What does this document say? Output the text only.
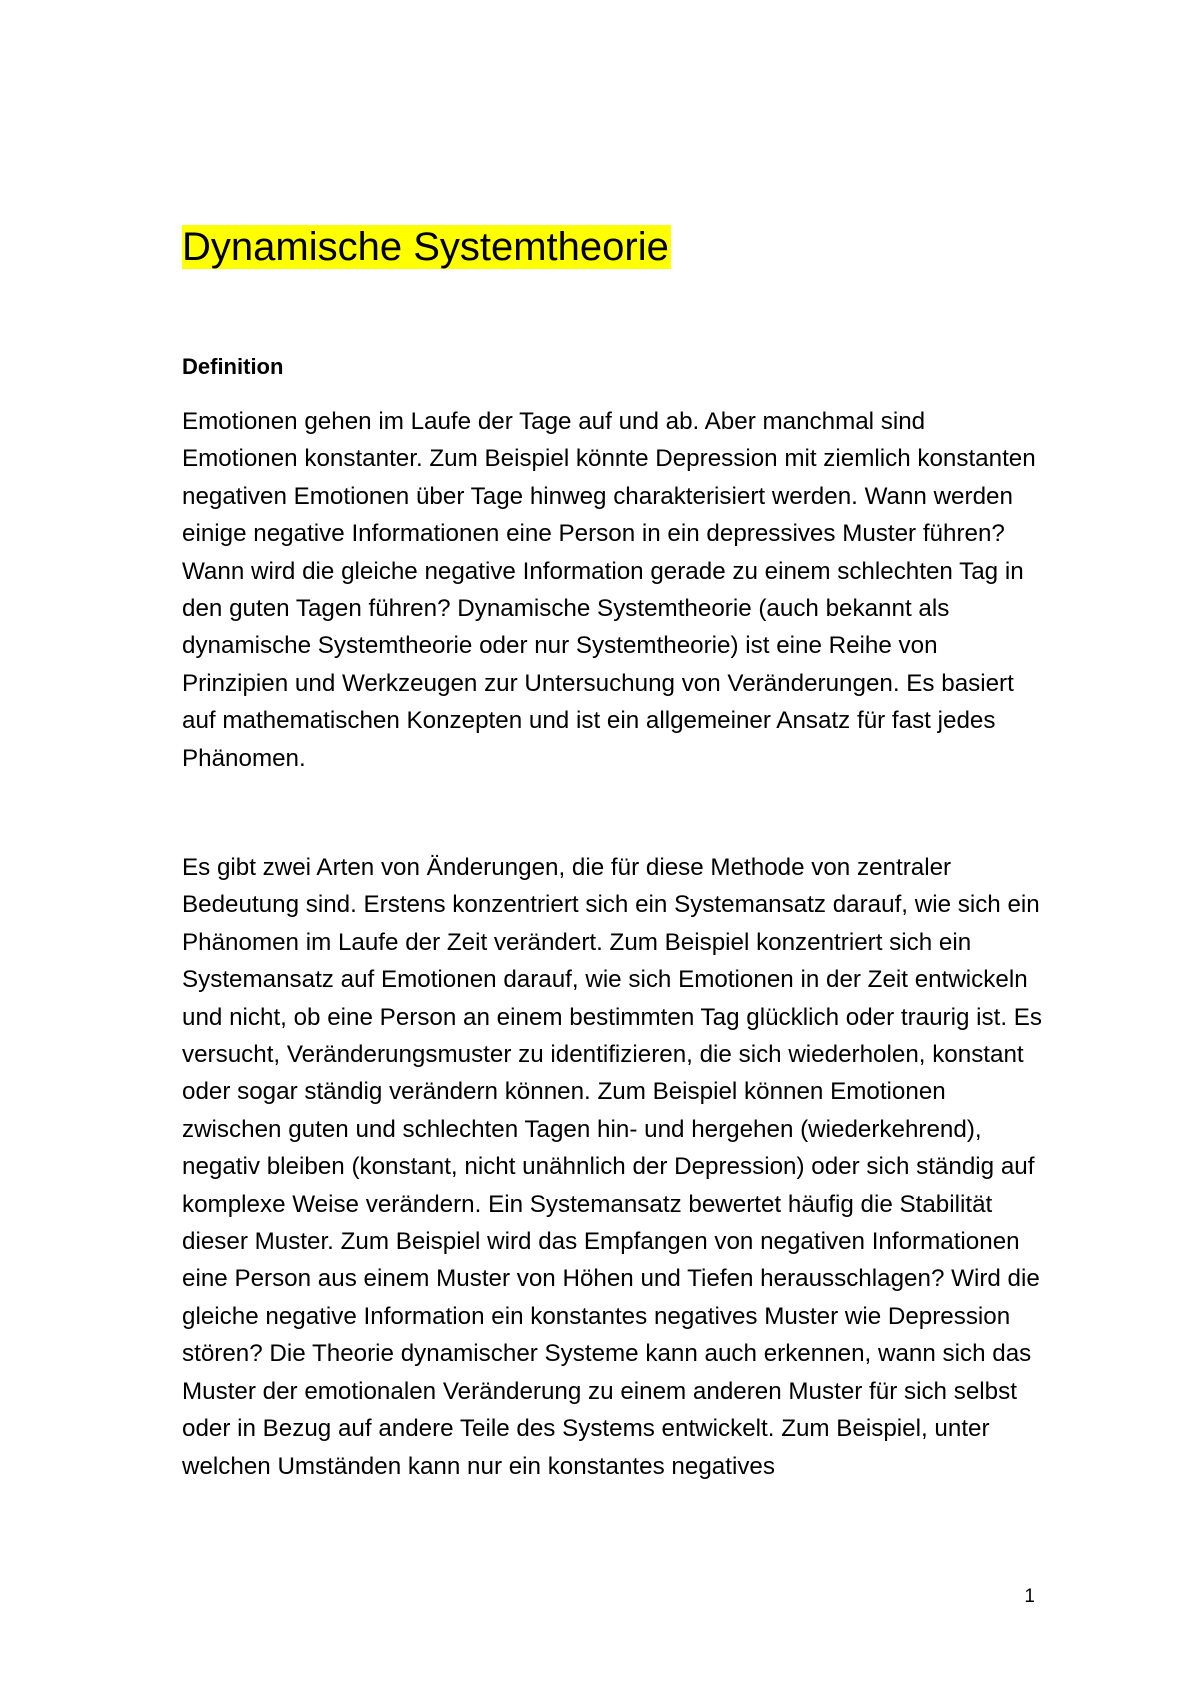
Dynamische Systemtheorie
Definition

Emotionen gehen im Laufe der Tage auf und ab. Aber manchmal sind Emotionen konstanter. Zum Beispiel könnte Depression mit ziemlich konstanten negativen Emotionen über Tage hinweg charakterisiert werden. Wann werden einige negative Informationen eine Person in ein depressives Muster führen? Wann wird die gleiche negative Information gerade zu einem schlechten Tag in den guten Tagen führen? Dynamische Systemtheorie (auch bekannt als dynamische Systemtheorie oder nur Systemtheorie) ist eine Reihe von Prinzipien und Werkzeugen zur Untersuchung von Veränderungen. Es basiert auf mathematischen Konzepten und ist ein allgemeiner Ansatz für fast jedes Phänomen.

Es gibt zwei Arten von Änderungen, die für diese Methode von zentraler Bedeutung sind. Erstens konzentriert sich ein Systemansatz darauf, wie sich ein Phänomen im Laufe der Zeit verändert. Zum Beispiel konzentriert sich ein Systemansatz auf Emotionen darauf, wie sich Emotionen in der Zeit entwickeln und nicht, ob eine Person an einem bestimmten Tag glücklich oder traurig ist. Es versucht, Veränderungsmuster zu identifizieren, die sich wiederholen, konstant oder sogar ständig verändern können. Zum Beispiel können Emotionen zwischen guten und schlechten Tagen hin- und hergehen (wiederkehrend), negativ bleiben (konstant, nicht unähnlich der Depression) oder sich ständig auf komplexe Weise verändern. Ein Systemansatz bewertet häufig die Stabilität dieser Muster. Zum Beispiel wird das Empfangen von negativen Informationen eine Person aus einem Muster von Höhen und Tiefen herausschlagen? Wird die gleiche negative Information ein konstantes negatives Muster wie Depression stören? Die Theorie dynamischer Systeme kann auch erkennen, wann sich das Muster der emotionalen Veränderung zu einem anderen Muster für sich selbst oder in Bezug auf andere Teile des Systems entwickelt. Zum Beispiel, unter welchen Umständen kann nur ein konstantes negatives

1
